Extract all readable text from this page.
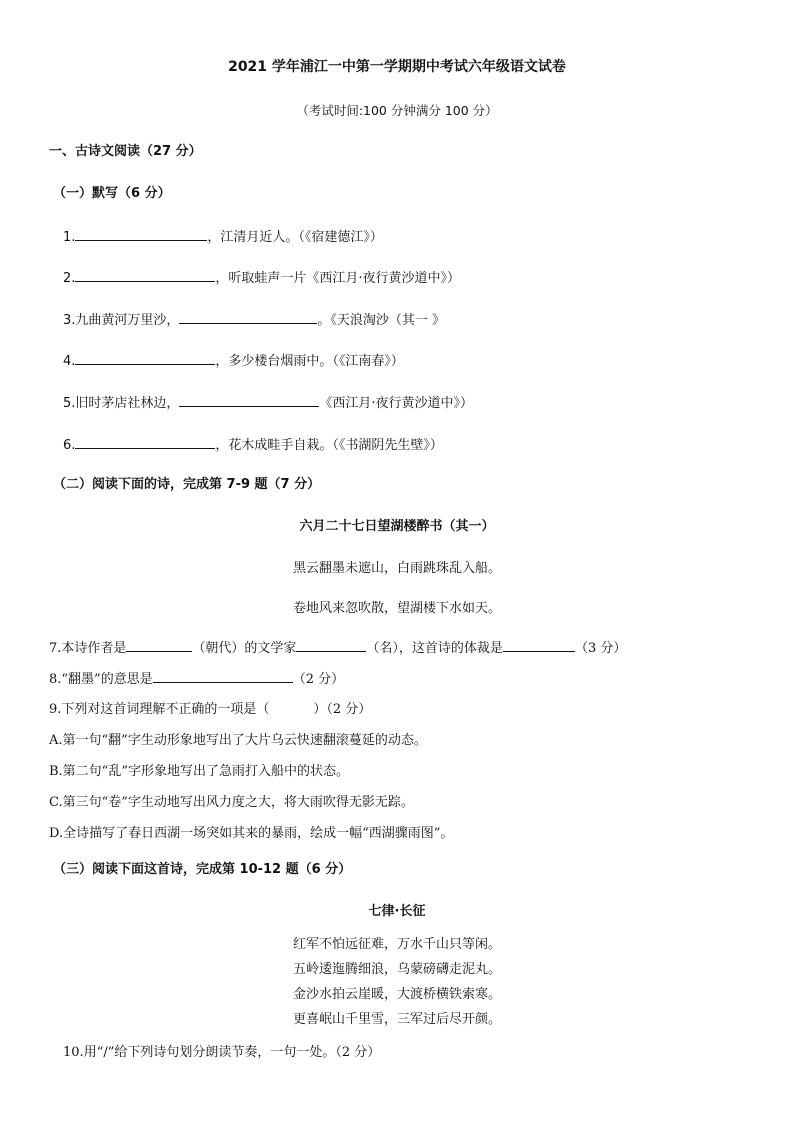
2021 学年浦江一中第一学期期中考试六年级语文试卷
（考试时间:100 分钟满分 100 分）
一、古诗文阅读（27 分）
（一）默写（6 分）
1.	，江清月近人。（《宿建德江》）
2.	，听取蛙声一片《西江月·夜行黄沙道中》）
3.九曲黄河万里沙，	。《天浪淘沙（其一 》
4.	，多少楼台烟雨中。（《江南春》）
5.旧时茅店社林边，	《西江月·夜行黄沙道中》）
6.	，花木成畦手自栽。（《书湖阴先生壁》）
（二）阅读下面的诗，完成第 7-9 题（7 分）
六月二十七日望湖楼醉书（其一）
黑云翻墨未遮山，白雨跳珠乱入船。
卷地风来忽吹散，望湖楼下水如天。
7.本诗作者是	（朝代）的文学家	（名），这首诗的体裁是	（3 分）
8.“翻墨”的意思是	（2 分）
9.下列对这首词理解不正确的一项是（	）（2 分）
A.第一句“翻”字生动形象地写出了大片乌云快速翻滚蔓延的动态。
B.第二句“乱”字形象地写出了急雨打入船中的状态。
C.第三句“卷”字生动地写出风力度之大，将大雨吹得无影无踪。
D.全诗描写了春日西湖一场突如其来的暴雨，绘成一幅“西湖骤雨图”。
（三）阅读下面这首诗，完成第 10-12 题（6 分）
七律·长征
红军不怕远征难，万水千山只等闲。
五岭逶迤腾细浪，乌蒙磅礴走泥丸。
金沙水拍云崖暖，大渡桥横铁索寒。
更喜岷山千里雪，三军过后尽开颜。
10.用“/”给下列诗句划分朗读节奏，一句一处。（2 分）
